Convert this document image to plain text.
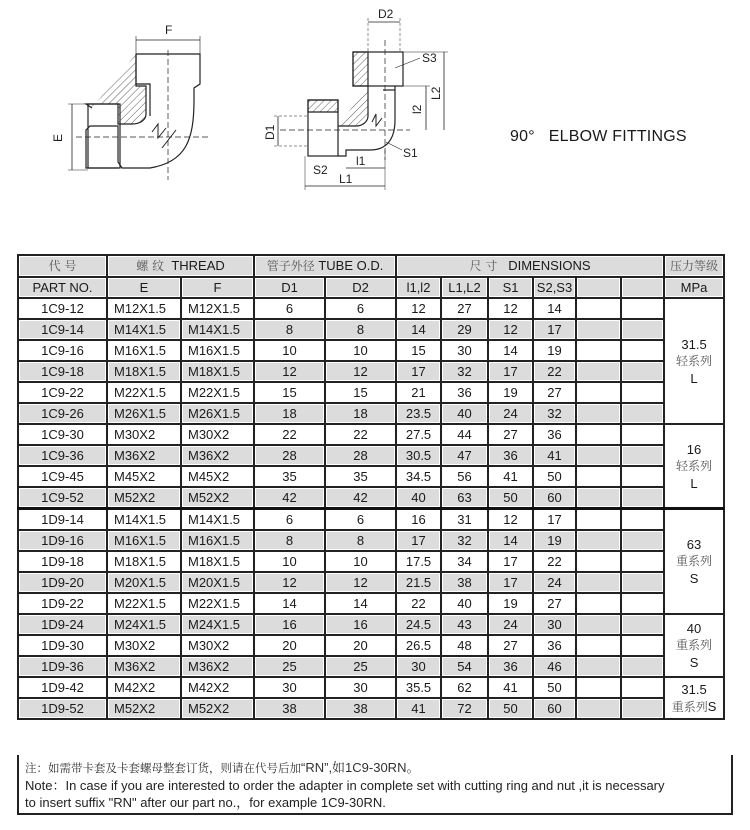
F
E
D2
S3
L2
l2
D1
S1
S2
l1
L1
90° ELBOW FITTINGS
代 号	螺 纹 THREAD		管子外径 TUBE O.D.		尺 寸 DIMENSIONS						压力等级
PART NO.	E	F	D1	D2	l1,l2	L1,L2	S1	S2,S3			MPa
1C9-12	M12X1.5	M12X1.5	6	6	12	27	12	14			31.5
轻系列
L

1C9-14	M14X1.5	M14X1.5	8	8	14	29	12	17			
1C9-16	M16X1.5	M16X1.5	10	10	15	30	14	19			
1C9-18	M18X1.5	M18X1.5	12	12	17	32	17	22			
1C9-22	M22X1.5	M22X1.5	15	15	21	36	19	27			
1C9-26	M26X1.5	M26X1.5	18	18	23.5	40	24	32			
1C9-30	M30X2	M30X2	22	22	27.5	44	27	36			16
轻系列
L

1C9-36	M36X2	M36X2	28	28	30.5	47	36	41			
1C9-45	M45X2	M45X2	35	35	34.5	56	41	50			
1C9-52	M52X2	M52X2	42	42	40	63	50	60			
1D9-14	M14X1.5	M14X1.5	6	6	16	31	12	17			63
重系列
S

1D9-16	M16X1.5	M16X1.5	8	8	17	32	14	19			
1D9-18	M18X1.5	M18X1.5	10	10	17.5	34	17	22			
1D9-20	M20X1.5	M20X1.5	12	12	21.5	38	17	24			
1D9-22	M22X1.5	M22X1.5	14	14	22	40	19	27			
1D9-24	M24X1.5	M24X1.5	16	16	24.5	43	24	30			40
重系列
S

1D9-30	M30X2	M30X2	20	20	26.5	48	27	36			
1D9-36	M36X2	M36X2	25	25	30	54	36	46			
1D9-42	M42X2	M42X2	30	30	35.5	62	41	50			31.5
重系列S

1D9-52	M52X2	M52X2	38	38	41	72	50	60			
注：如需带卡套及卡套螺母整套订货，则请在代号后加“RN”,如1C9-30RN。
Note：In case if you are interested to order the adapter in complete set with cutting ring and nut ,it is necessary
to insert suffix "RN" after our part no.，for example 1C9-30RN.
